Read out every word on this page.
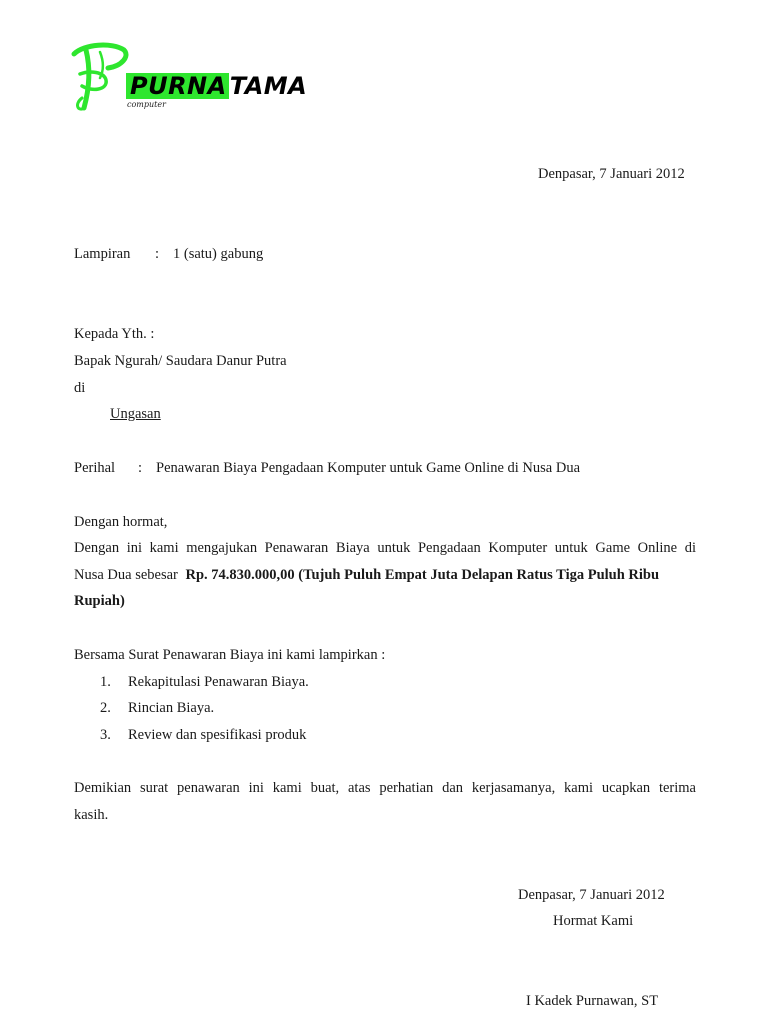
PURNA TAMA
computer
Denpasar, 7 Januari 2012
Lampiran : 1 (satu) gabung
Kepada Yth. :
Bapak Ngurah/ Saudara Danur Putra
di
Ungasan
Perihal : Penawaran Biaya Pengadaan Komputer untuk Game Online di Nusa Dua
Dengan hormat,
Dengan ini kami mengajukan Penawaran Biaya untuk Pengadaan Komputer untuk Game Online di
Nusa Dua sebesar Rp. 74.830.000,00 (Tujuh Puluh Empat Juta Delapan Ratus Tiga Puluh Ribu
Rupiah)
Bersama Surat Penawaran Biaya ini kami lampirkan :
1. Rekapitulasi Penawaran Biaya.
2. Rincian Biaya.
3. Review dan spesifikasi produk
Demikian surat penawaran ini kami buat, atas perhatian dan kerjasamanya, kami ucapkan terima
kasih.
Denpasar, 7 Januari 2012
Hormat Kami
I Kadek Purnawan, ST
